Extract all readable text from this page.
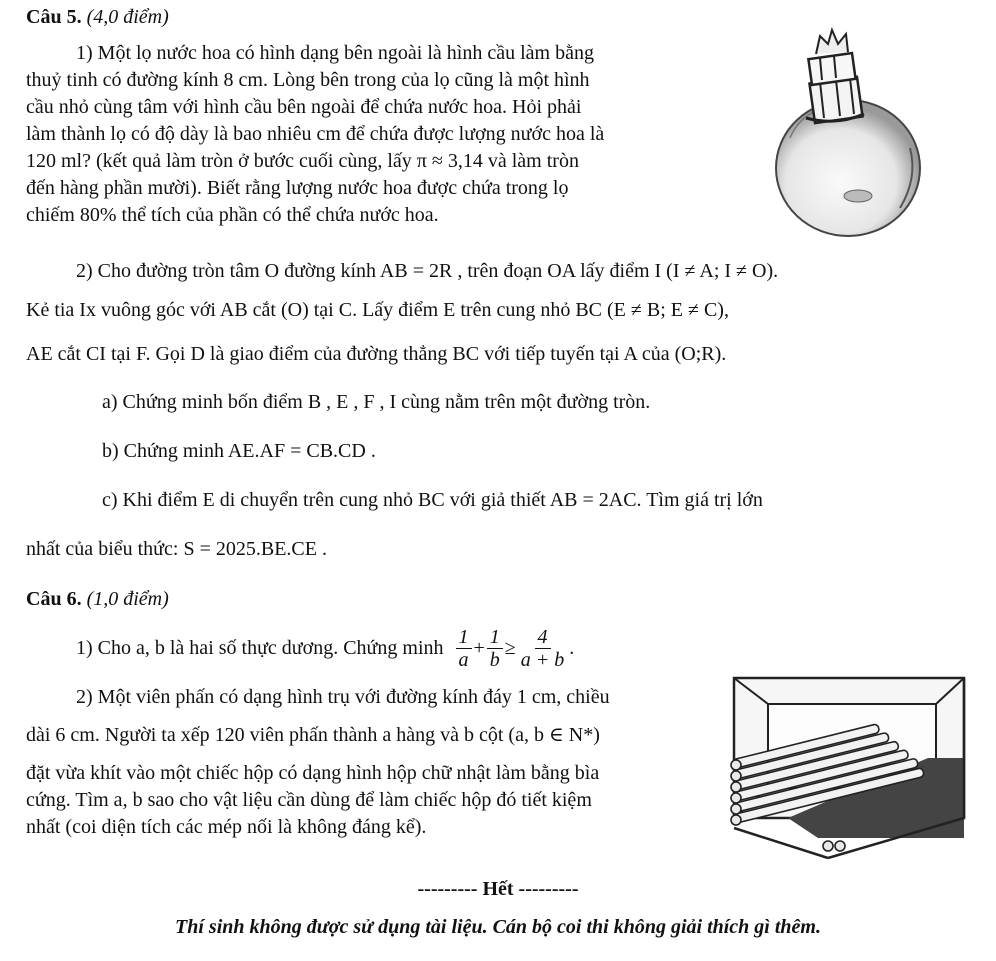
Câu 5. (4,0 điểm)
1) Một lọ nước hoa có hình dạng bên ngoài là hình cầu làm bằng
thuỷ tinh có đường kính 8 cm. Lòng bên trong của lọ cũng là một hình
cầu nhỏ cùng tâm với hình cầu bên ngoài để chứa nước hoa. Hỏi phải
làm thành lọ có độ dày là bao nhiêu cm để chứa được lượng nước hoa là
120 ml? (kết quả làm tròn ở bước cuối cùng, lấy π ≈ 3,14 và làm tròn
đến hàng phần mười). Biết rằng lượng nước hoa được chứa trong lọ
chiếm 80% thể tích của phần có thể chứa nước hoa.
2) Cho đường tròn tâm O đường kính AB = 2R , trên đoạn OA lấy điểm I (I ≠ A; I ≠ O).
Kẻ tia Ix vuông góc với AB cắt (O) tại C. Lấy điểm E trên cung nhỏ BC (E ≠ B; E ≠ C),
AE cắt CI tại F. Gọi D là giao điểm của đường thẳng BC với tiếp tuyến tại A của (O;R).
a) Chứng minh bốn điểm B , E , F , I cùng nằm trên một đường tròn.
b) Chứng minh AE.AF = CB.CD .
c) Khi điểm E di chuyển trên cung nhỏ BC với giả thiết AB = 2AC. Tìm giá trị lớn
nhất của biểu thức: S = 2025.BE.CE .
Câu 6. (1,0 điểm)
1) Cho a, b là hai số thực dương. Chứng minh $\frac{1}{a} + \frac{1}{b} \ge \frac{4}{a + b}$ .
2) Một viên phấn có dạng hình trụ với đường kính đáy 1 cm, chiều
dài 6 cm. Người ta xếp 120 viên phấn thành a hàng và b cột (a, b ∈ N*)
đặt vừa khít vào một chiếc hộp có dạng hình hộp chữ nhật làm bằng bìa
cứng. Tìm a, b sao cho vật liệu cần dùng để làm chiếc hộp đó tiết kiệm
nhất (coi diện tích các mép nối là không đáng kể).
--------- Hết ---------
Thí sinh không được sử dụng tài liệu. Cán bộ coi thi không giải thích gì thêm.
